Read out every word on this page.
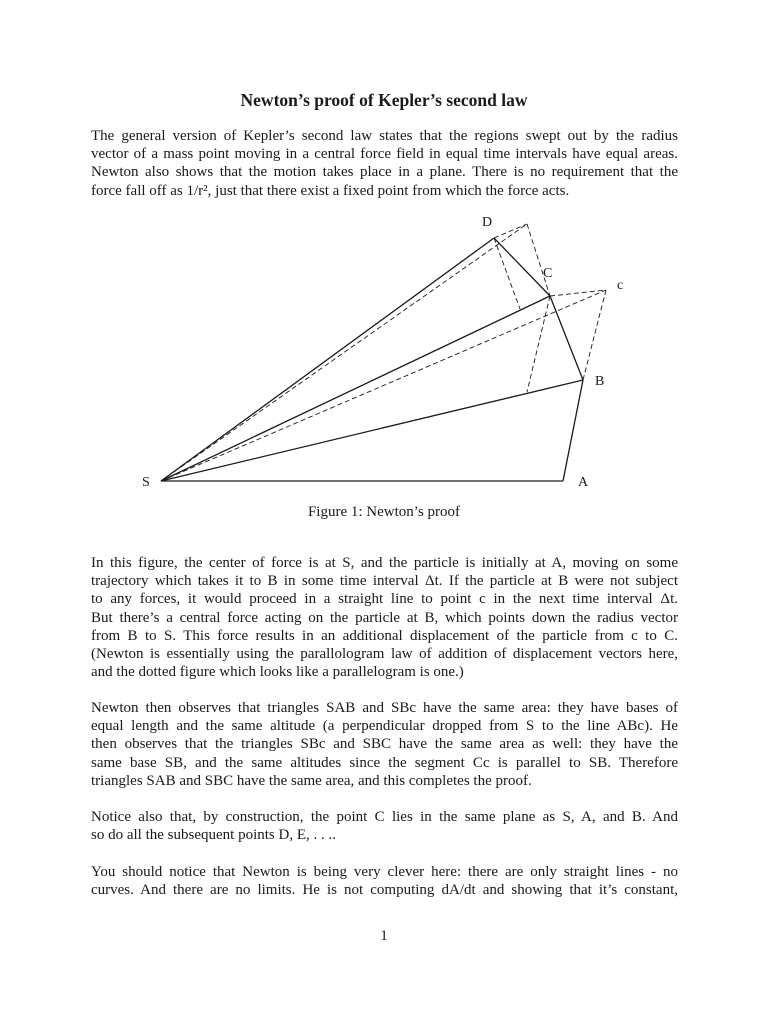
Newton’s proof of Kepler’s second law

The general version of Kepler’s second law states that the regions swept out by the radius
vector of a mass point moving in a central force field in equal time intervals have equal areas.
Newton also shows that the motion takes place in a plane. There is no requirement that the
force fall off as 1/r², just that there exist a fixed point from which the force acts.

S	A
B
C
c
D
Figure 1: Newton’s proof

In this figure, the center of force is at S, and the particle is initially at A, moving on some
trajectory which takes it to B in some time interval Δt. If the particle at B were not subject
to any forces, it would proceed in a straight line to point c in the next time interval Δt.
But there’s a central force acting on the particle at B, which points down the radius vector
from B to S. This force results in an additional displacement of the particle from c to C.
(Newton is essentially using the parallologram law of addition of displacement vectors here,
and the dotted figure which looks like a parallelogram is one.)

Newton then observes that triangles SAB and SBc have the same area: they have bases of
equal length and the same altitude (a perpendicular dropped from S to the line ABc). He
then observes that the triangles SBc and SBC have the same area as well: they have the
same base SB, and the same altitudes since the segment Cc is parallel to SB. Therefore
triangles SAB and SBC have the same area, and this completes the proof.

Notice also that, by construction, the point C lies in the same plane as S, A, and B. And
so do all the subsequent points D, E, . . ..

You should notice that Newton is being very clever here: there are only straight lines - no
curves. And there are no limits. He is not computing dA/dt and showing that it’s constant,

1
